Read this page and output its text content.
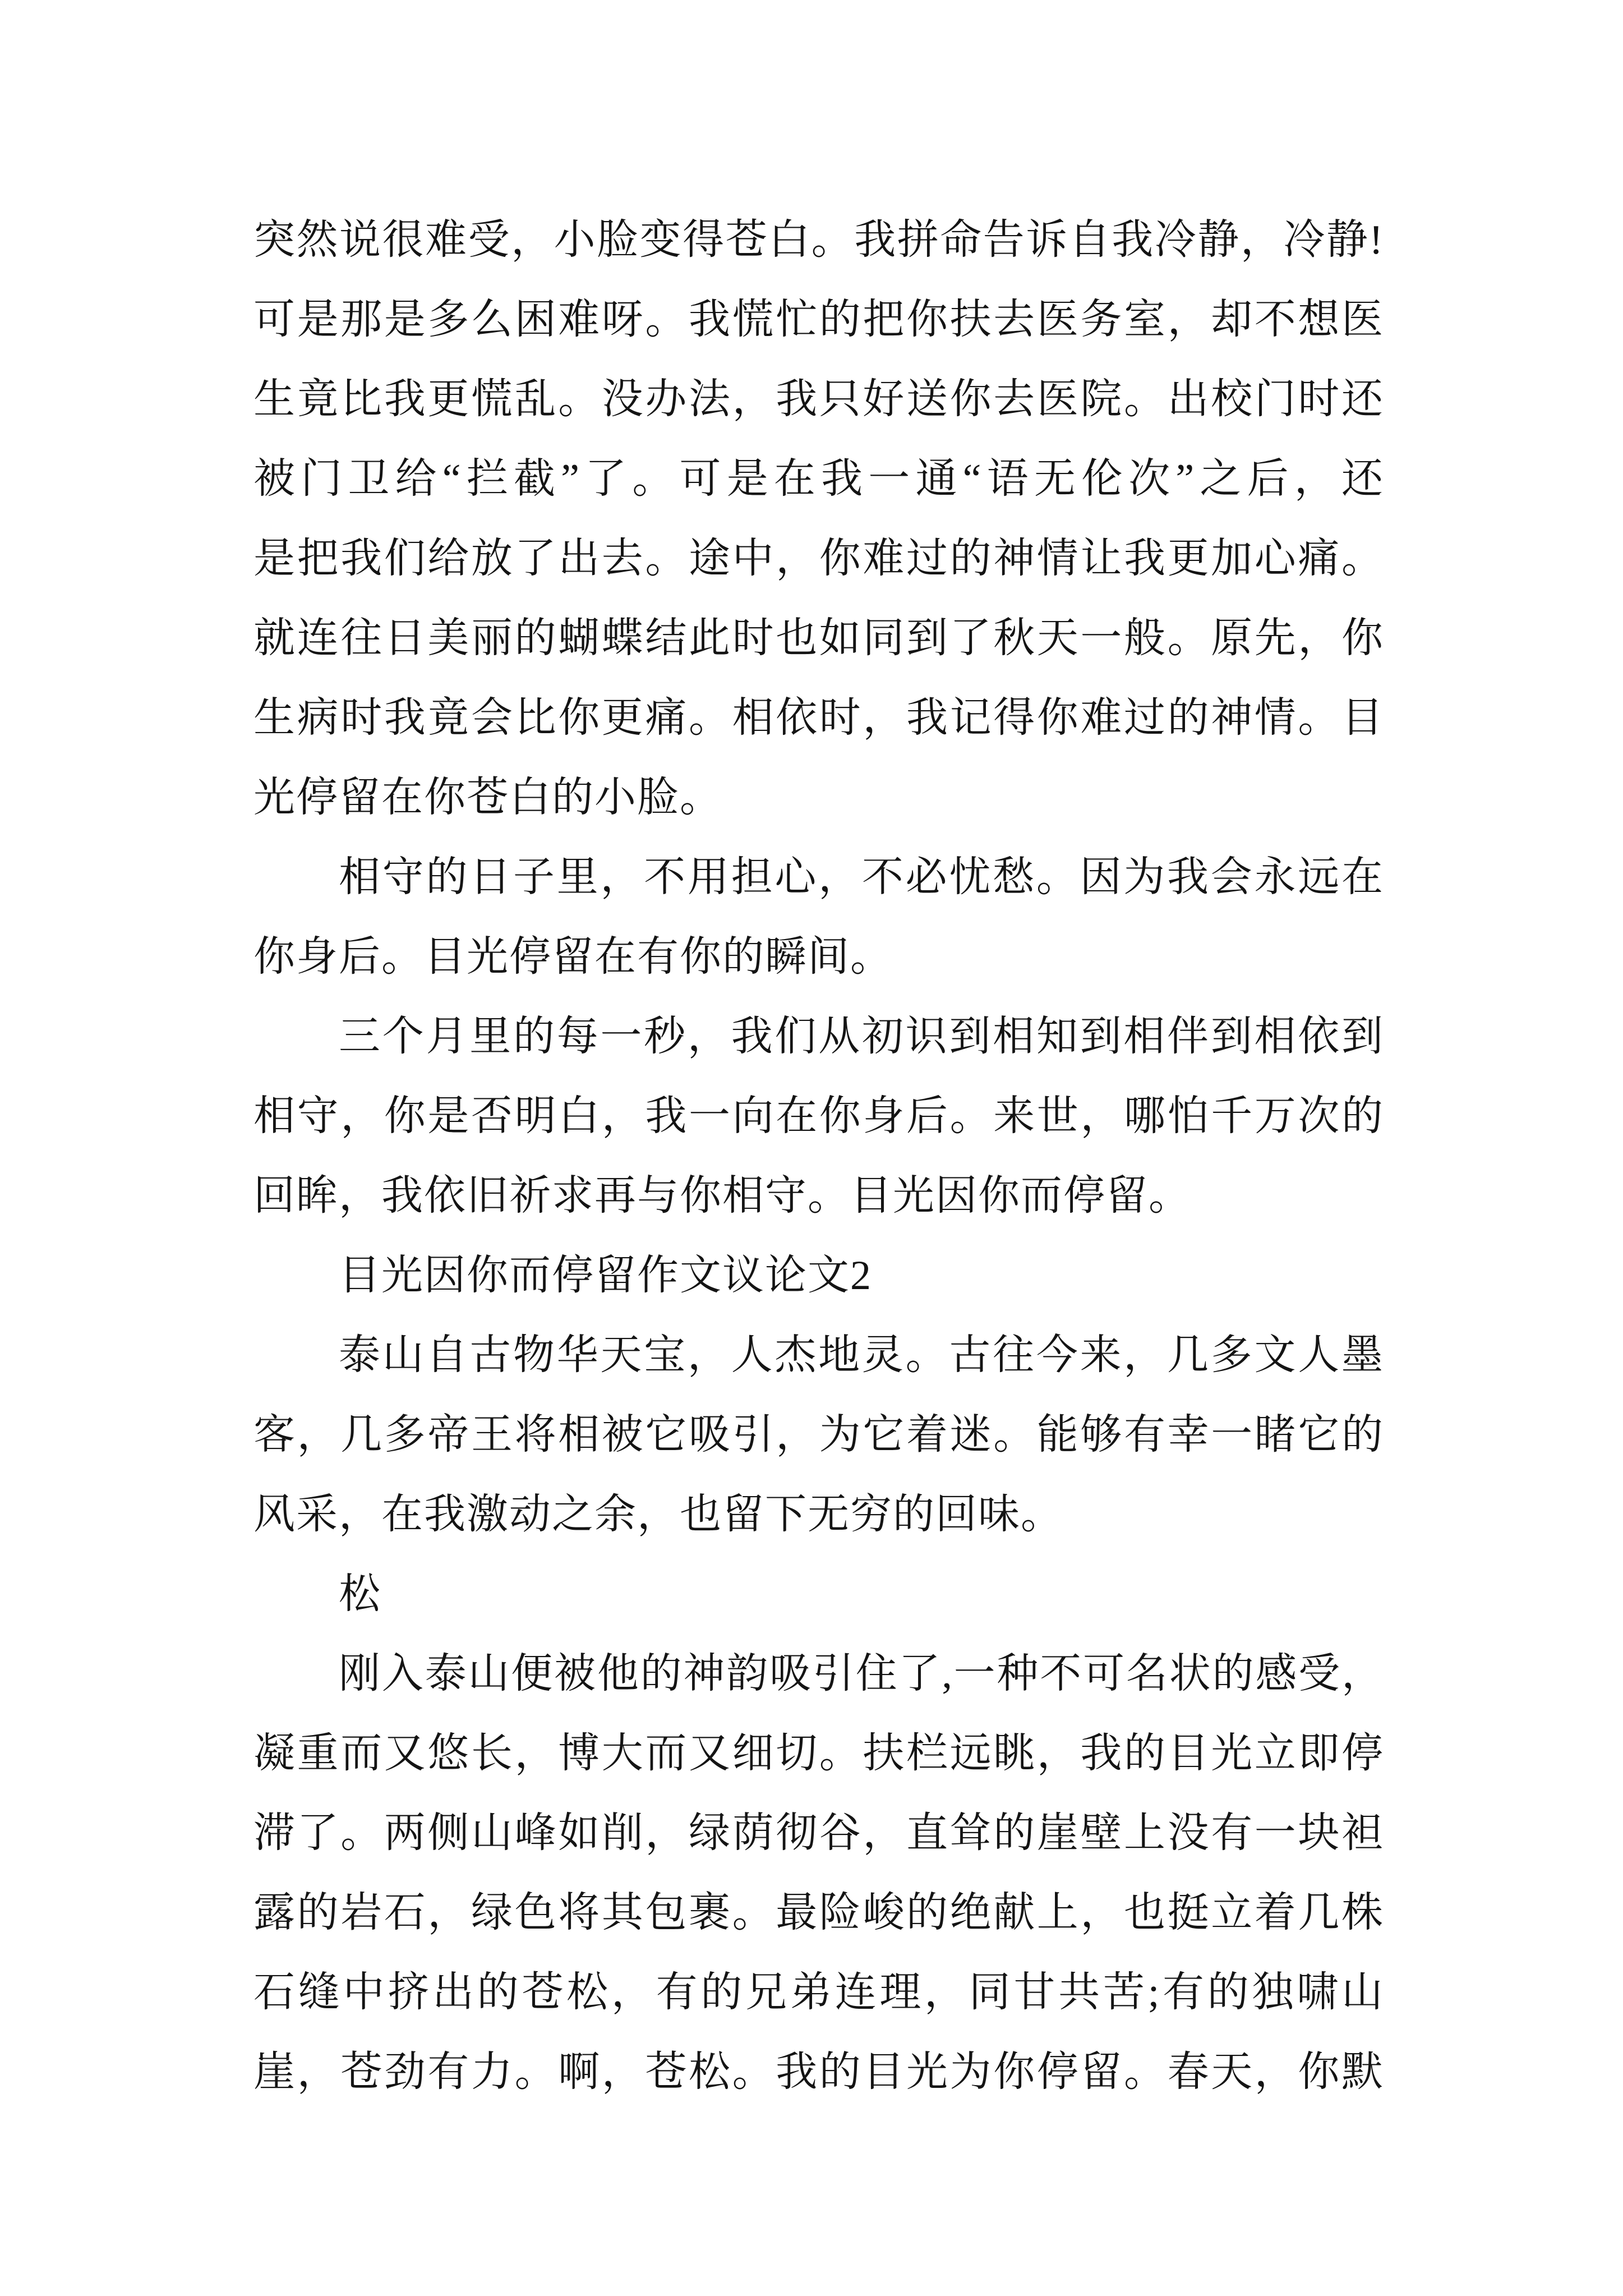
突然说很难受，小脸变得苍白。我拼命告诉自我冷静，冷静!
可是那是多么困难呀。我慌忙的把你扶去医务室，却不想医
生竟比我更慌乱。没办法，我只好送你去医院。出校门时还
被门卫给“拦截”了。可是在我一通“语无伦次”之后，还
是把我们给放了出去。途中，你难过的神情让我更加心痛。
就连往日美丽的蝴蝶结此时也如同到了秋天一般。原先，你
生病时我竟会比你更痛。相依时，我记得你难过的神情。目
光停留在你苍白的小脸。
相守的日子里，不用担心，不必忧愁。因为我会永远在
你身后。目光停留在有你的瞬间。
三个月里的每一秒，我们从初识到相知到相伴到相依到
相守，你是否明白，我一向在你身后。来世，哪怕千万次的
回眸，我依旧祈求再与你相守。目光因你而停留。
目光因你而停留作文议论文2
泰山自古物华天宝，人杰地灵。古往今来，几多文人墨
客，几多帝王将相被它吸引，为它着迷。能够有幸一睹它的
风采，在我激动之余，也留下无穷的回味。
松
刚入泰山便被他的神韵吸引住了,一种不可名状的感受，
凝重而又悠长，博大而又细切。扶栏远眺，我的目光立即停
滞了。两侧山峰如削，绿荫彻谷，直耸的崖壁上没有一块袒
露的岩石，绿色将其包裹。最险峻的绝献上，也挺立着几株
石缝中挤出的苍松，有的兄弟连理，同甘共苦;有的独啸山
崖，苍劲有力。啊，苍松。我的目光为你停留。春天，你默
